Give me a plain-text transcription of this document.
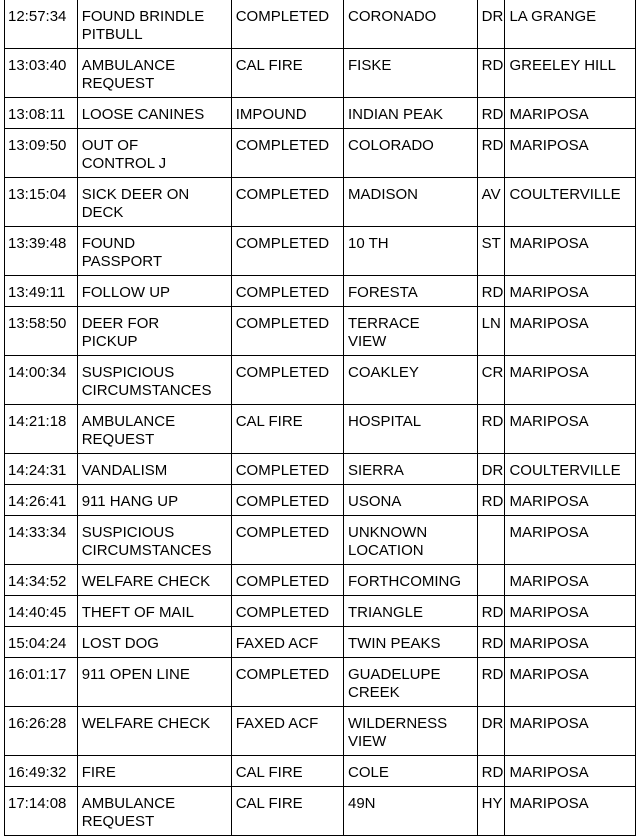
12:57:34	FOUND BRINDLE
PITBULL	COMPLETED	CORONADO	DR	LA GRANGE
13:03:40	AMBULANCE
REQUEST	CAL FIRE	FISKE	RD	GREELEY HILL
13:08:11	LOOSE CANINES	IMPOUND	INDIAN PEAK	RD	MARIPOSA
13:09:50	OUT OF
CONTROL J	COMPLETED	COLORADO	RD	MARIPOSA
13:15:04	SICK DEER ON
DECK	COMPLETED	MADISON	AV	COULTERVILLE
13:39:48	FOUND
PASSPORT	COMPLETED	10 TH	ST	MARIPOSA
13:49:11	FOLLOW UP	COMPLETED	FORESTA	RD	MARIPOSA
13:58:50	DEER FOR
PICKUP	COMPLETED	TERRACE
VIEW	LN	MARIPOSA
14:00:34	SUSPICIOUS
CIRCUMSTANCES	COMPLETED	COAKLEY	CR	MARIPOSA
14:21:18	AMBULANCE
REQUEST	CAL FIRE	HOSPITAL	RD	MARIPOSA
14:24:31	VANDALISM	COMPLETED	SIERRA	DR	COULTERVILLE
14:26:41	911 HANG UP	COMPLETED	USONA	RD	MARIPOSA
14:33:34	SUSPICIOUS
CIRCUMSTANCES	COMPLETED	UNKNOWN
LOCATION		MARIPOSA
14:34:52	WELFARE CHECK	COMPLETED	FORTHCOMING		MARIPOSA
14:40:45	THEFT OF MAIL	COMPLETED	TRIANGLE	RD	MARIPOSA
15:04:24	LOST DOG	FAXED ACF	TWIN PEAKS	RD	MARIPOSA
16:01:17	911 OPEN LINE	COMPLETED	GUADELUPE
CREEK	RD	MARIPOSA
16:26:28	WELFARE CHECK	FAXED ACF	WILDERNESS
VIEW	DR	MARIPOSA
16:49:32	FIRE	CAL FIRE	COLE	RD	MARIPOSA
17:14:08	AMBULANCE
REQUEST	CAL FIRE	49N	HY	MARIPOSA
